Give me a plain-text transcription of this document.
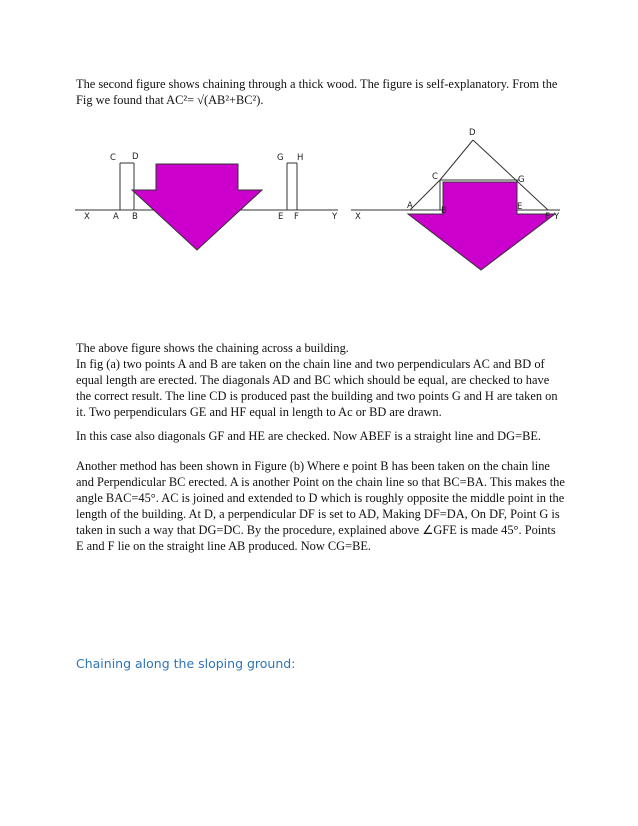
The second figure shows chaining through a thick wood. The figure is self-explanatory. From the Fig we found that AC²= √(AB²+BC²).

C D	G H
X	A B	E F	Y
D
C	G
A	B	E
X	F Y

The above figure shows the chaining across a building.
In fig (a) two points A and B are taken on the chain line and two perpendiculars AC and BD of equal length are erected. The diagonals AD and BC which should be equal, are checked to have the correct result. The line CD is produced past the building and two points G and H are taken on it. Two perpendiculars GE and HF equal in length to Ac or BD are drawn.

In this case also diagonals GF and HE are checked. Now ABEF is a straight line and DG=BE.

Another method has been shown in Figure (b) Where e point B has been taken on the chain line and Perpendicular BC erected. A is another Point on the chain line so that BC=BA. This makes the angle BAC=45°. AC is joined and extended to D which is roughly opposite the middle point in the length of the building. At D, a perpendicular DF is set to AD, Making DF=DA, On DF, Point G is taken in such a way that DG=DC. By the procedure, explained above ∠GFE is made 45°. Points E and F lie on the straight line AB produced. Now CG=BE.

Chaining along the sloping ground:
